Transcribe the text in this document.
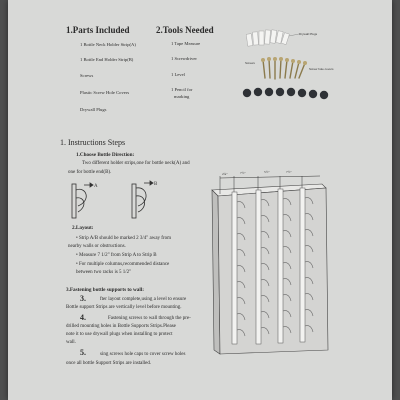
1.Parts Included
1 Bottle Neck Holder Strip(A)
1 Bottle End Holder Strip(B)
Screws
Plastic Screw Hole Covers
Drywall Plugs
2.Tools Needed
1 Tape Measure
1 Screwdriver
1 Level
1 Pencil for
marking
Drywall Plugs
Screws
Screw hole covers
1. Instructions Steps
1.Choose Bottle Direction:
Two different holder strips,one for bottle neck(A) and
one for bottle end(B).
A	B
2.Layout:
• Strip A/B should be marked 2 3/4" away from
nearby walls or obstructions.
• Measure 7 1/2" from Strip A to Strip B
• For multiple columns,recommended distance
between two racks is 5 1/2"
3.Fastening bottle supports to wall:
3.	fter layout complete,using a level to ensure
Bottle support Strips are vertically level before mounting.
4.	Fastening screws to wall through the pre-
drilled mounting holes in Bottle Supports Strips.Please
note it to use drywall plugs when installing to protect
wall.
5.	sing screws hole caps to cover screw holes
once all bottle Support Strips are installed.
2¾"	7½"	5½"	7½"
